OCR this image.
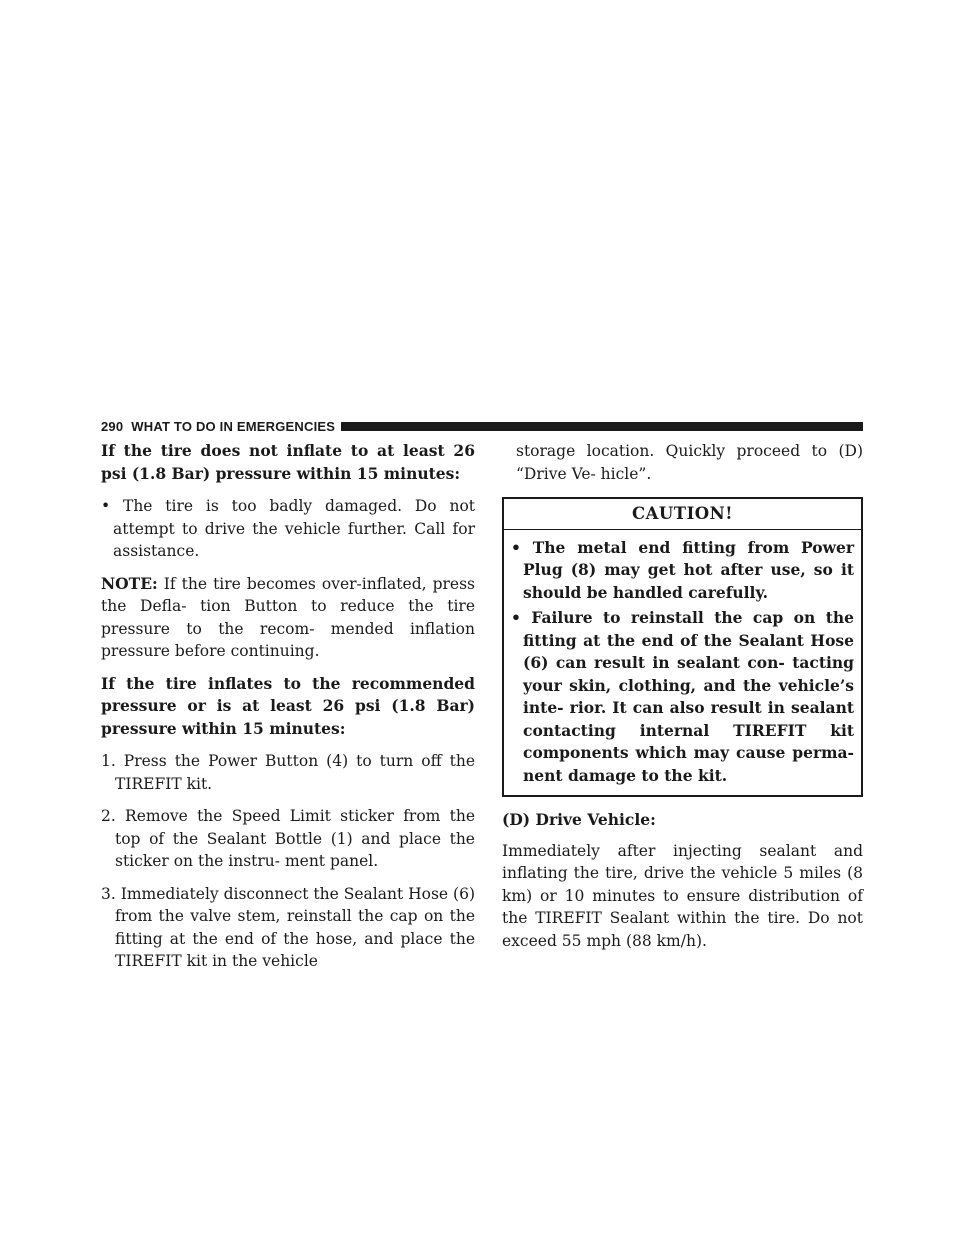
290 WHAT TO DO IN EMERGENCIES

If the tire does not inflate to at least 26 psi (1.8 Bar) pressure within 15 minutes:

• The tire is too badly damaged. Do not attempt to drive the vehicle further. Call for assistance.

NOTE: If the tire becomes over-inflated, press the Defla- tion Button to reduce the tire pressure to the recom- mended inflation pressure before continuing.

If the tire inflates to the recommended pressure or is at least 26 psi (1.8 Bar) pressure within 15 minutes:

1. Press the Power Button (4) to turn off the TIREFIT kit.

2. Remove the Speed Limit sticker from the top of the Sealant Bottle (1) and place the sticker on the instru- ment panel.

3. Immediately disconnect the Sealant Hose (6) from the valve stem, reinstall the cap on the fitting at the end of the hose, and place the TIREFIT kit in the vehicle

storage location. Quickly proceed to (D) “Drive Ve- hicle”.

CAUTION!

• The metal end fitting from Power Plug (8) may get hot after use, so it should be handled carefully.

• Failure to reinstall the cap on the fitting at the end of the Sealant Hose (6) can result in sealant con- tacting your skin, clothing, and the vehicle’s inte- rior. It can also result in sealant contacting internal TIREFIT kit components which may cause perma- nent damage to the kit.

(D) Drive Vehicle:

Immediately after injecting sealant and inflating the tire, drive the vehicle 5 miles (8 km) or 10 minutes to ensure distribution of the TIREFIT Sealant within the tire. Do not exceed 55 mph (88 km/h).
